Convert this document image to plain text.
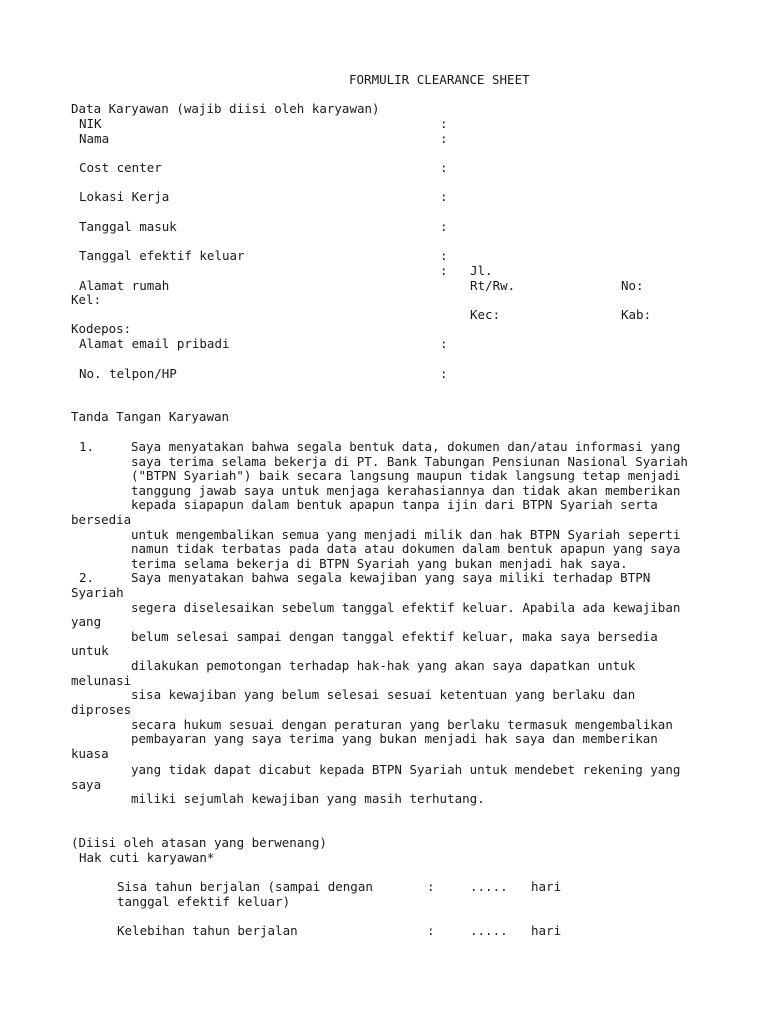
FORMULIR CLEARANCE SHEET
Data Karyawan (wajib diisi oleh karyawan)
NIK	:
Nama	:
Cost center	:
Lokasi Kerja	:
Tanggal masuk	:
Tanggal efektif keluar	:
: Jl.
Alamat rumah	Rt/Rw.	No:
Kel:
Kec:	Kab:
Kodepos:
Alamat email pribadi	:
No. telpon/HP	:
Tanda Tangan Karyawan
1.	Saya menyatakan bahwa segala bentuk data, dokumen dan/atau informasi yang
saya terima selama bekerja di PT. Bank Tabungan Pensiunan Nasional Syariah
("BTPN Syariah") baik secara langsung maupun tidak langsung tetap menjadi
tanggung jawab saya untuk menjaga kerahasiannya dan tidak akan memberikan
kepada siapapun dalam bentuk apapun tanpa ijin dari BTPN Syariah serta
bersedia
untuk mengembalikan semua yang menjadi milik dan hak BTPN Syariah seperti
namun tidak terbatas pada data atau dokumen dalam bentuk apapun yang saya
terima selama bekerja di BTPN Syariah yang bukan menjadi hak saya.
2.	Saya menyatakan bahwa segala kewajiban yang saya miliki terhadap BTPN
Syariah
segera diselesaikan sebelum tanggal efektif keluar. Apabila ada kewajiban
yang
belum selesai sampai dengan tanggal efektif keluar, maka saya bersedia
untuk
dilakukan pemotongan terhadap hak-hak yang akan saya dapatkan untuk
melunasi
sisa kewajiban yang belum selesai sesuai ketentuan yang berlaku dan
diproses
secara hukum sesuai dengan peraturan yang berlaku termasuk mengembalikan
pembayaran yang saya terima yang bukan menjadi hak saya dan memberikan
kuasa
yang tidak dapat dicabut kepada BTPN Syariah untuk mendebet rekening yang
saya
miliki sejumlah kewajiban yang masih terhutang.
(Diisi oleh atasan yang berwenang)
Hak cuti karyawan*
Sisa tahun berjalan (sampai dengan	:	..... hari
tanggal efektif keluar)
Kelebihan tahun berjalan	:	..... hari
